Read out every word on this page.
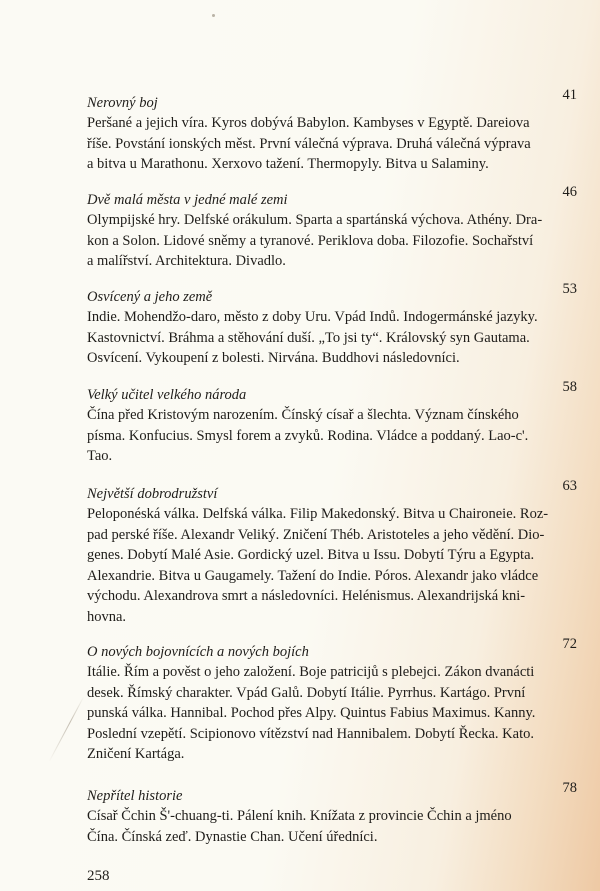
Nerovný boj	41
Peršané a jejich víra. Kyros dobývá Babylon. Kambyses v Egyptě. Dareiova
říše. Povstání ionských měst. První válečná výprava. Druhá válečná výprava
a bitva u Marathonu. Xerxovo tažení. Thermopyly. Bitva u Salaminy.
Dvě malá města v jedné malé zemi	46
Olympijské hry. Delfské orákulum. Sparta a spartánská výchova. Athény. Dra-
kon a Solon. Lidové sněmy a tyranové. Periklova doba. Filozofie. Sochařství
a malířství. Architektura. Divadlo.
Osvícený a jeho země	53
Indie. Mohendžo-daro, město z doby Uru. Vpád Indů. Indogermánské jazyky.
Kastovnictví. Bráhma a stěhování duší. „To jsi ty“. Královský syn Gautama.
Osvícení. Vykoupení z bolesti. Nirvána. Buddhovi následovníci.
Velký učitel velkého národa	58
Čína před Kristovým narozením. Čínský císař a šlechta. Význam čínského
písma. Konfucius. Smysl forem a zvyků. Rodina. Vládce a poddaný. Lao-c'.
Tao.
Největší dobrodružství	63
Peloponéská válka. Delfská válka. Filip Makedonský. Bitva u Chaironeie. Roz-
pad perské říše. Alexandr Veliký. Zničení Théb. Aristoteles a jeho vědění. Dio-
genes. Dobytí Malé Asie. Gordický uzel. Bitva u Issu. Dobytí Týru a Egypta.
Alexandrie. Bitva u Gaugamely. Tažení do Indie. Póros. Alexandr jako vládce
východu. Alexandrova smrt a následovníci. Helénismus. Alexandrijská kni-
hovna.
O nových bojovnících a nových bojích	72
Itálie. Řím a pověst o jeho založení. Boje patricijů s plebejci. Zákon dvanácti
desek. Římský charakter. Vpád Galů. Dobytí Itálie. Pyrrhus. Kartágo. První
punská válka. Hannibal. Pochod přes Alpy. Quintus Fabius Maximus. Kanny.
Poslední vzepětí. Scipionovo vítězství nad Hannibalem. Dobytí Řecka. Kato.
Zničení Kartága.
Nepřítel historie	78
Císař Čchin Š'-chuang-ti. Pálení knih. Knížata z provincie Čchin a jméno
Čína. Čínská zeď. Dynastie Chan. Učení úředníci.
258
